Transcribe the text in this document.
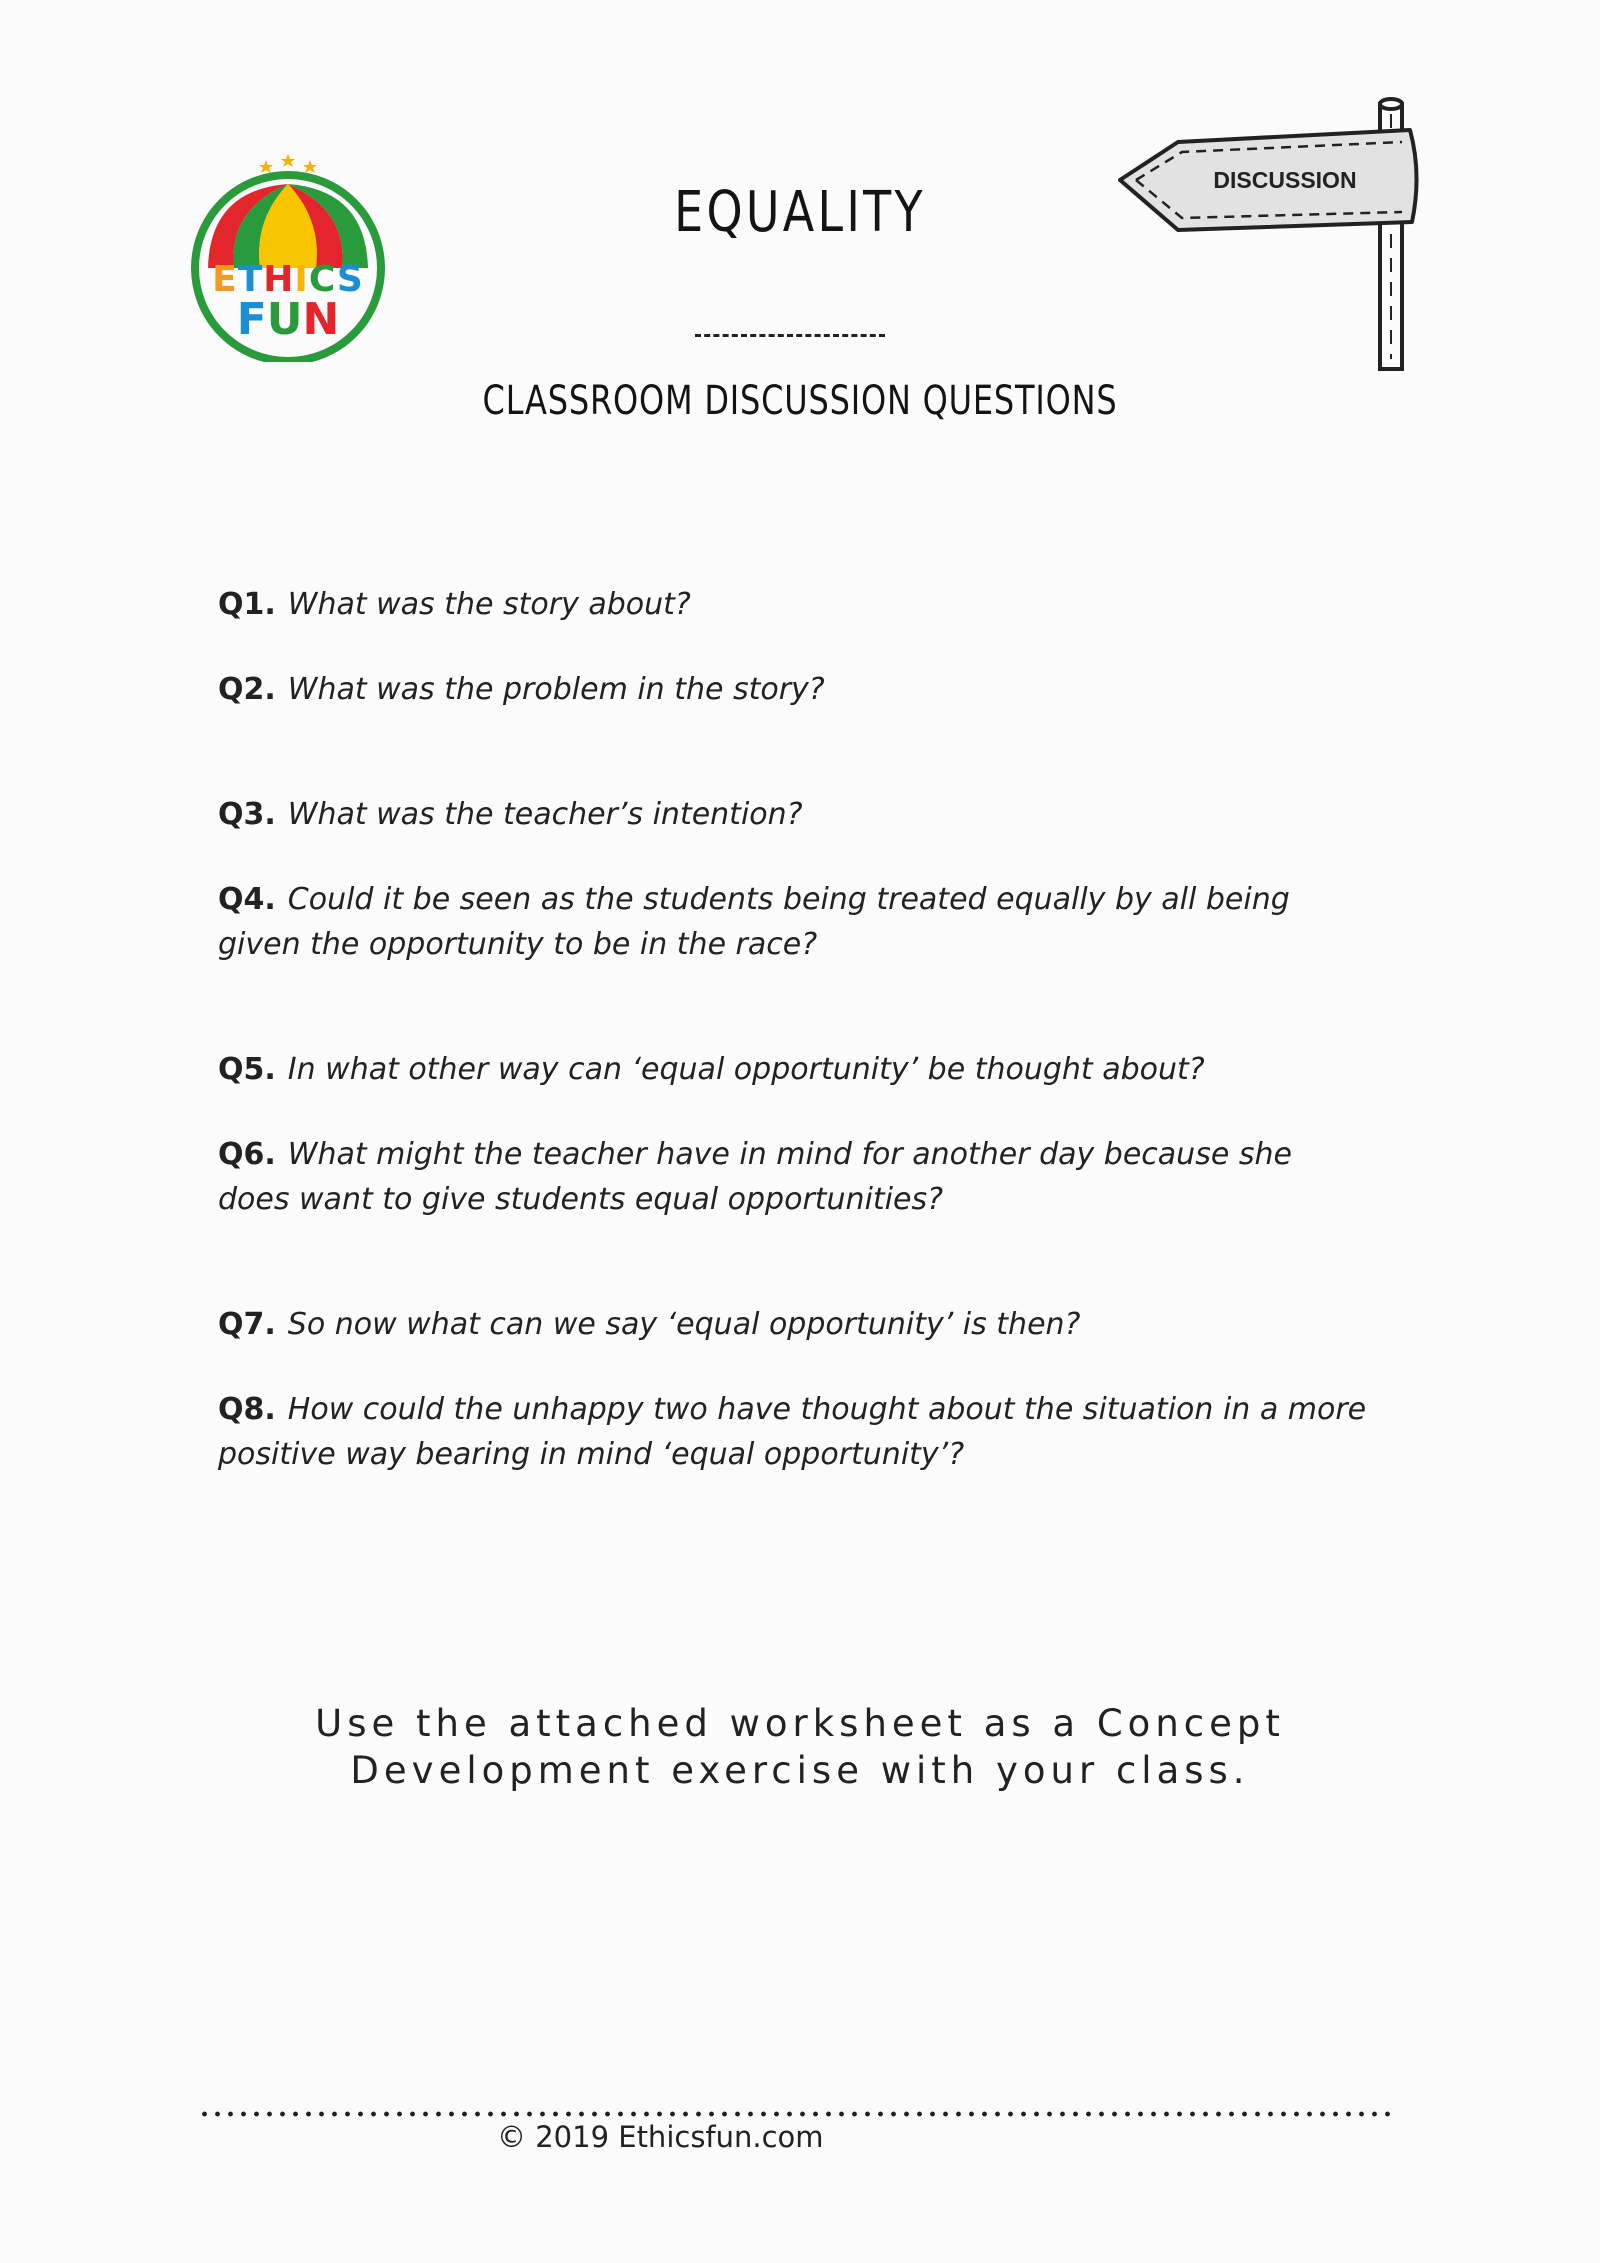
ETHICS
FUN
DISCUSSION
EQUALITY
CLASSROOM DISCUSSION QUESTIONS

Q1. What was the story about?

Q2. What was the problem in the story?

Q3. What was the teacher’s intention?

Q4. Could it be seen as the students being treated equally by all being given the opportunity to be in the race?

Q5. In what other way can ‘equal opportunity’ be thought about?

Q6. What might the teacher have in mind for another day because she does want to give students equal opportunities?

Q7. So now what can we say ‘equal opportunity’ is then?

Q8. How could the unhappy two have thought about the situation in a more positive way bearing in mind ‘equal opportunity’?

Use the attached worksheet as a Concept
Development exercise with your class.
© 2019 Ethicsfun.com
